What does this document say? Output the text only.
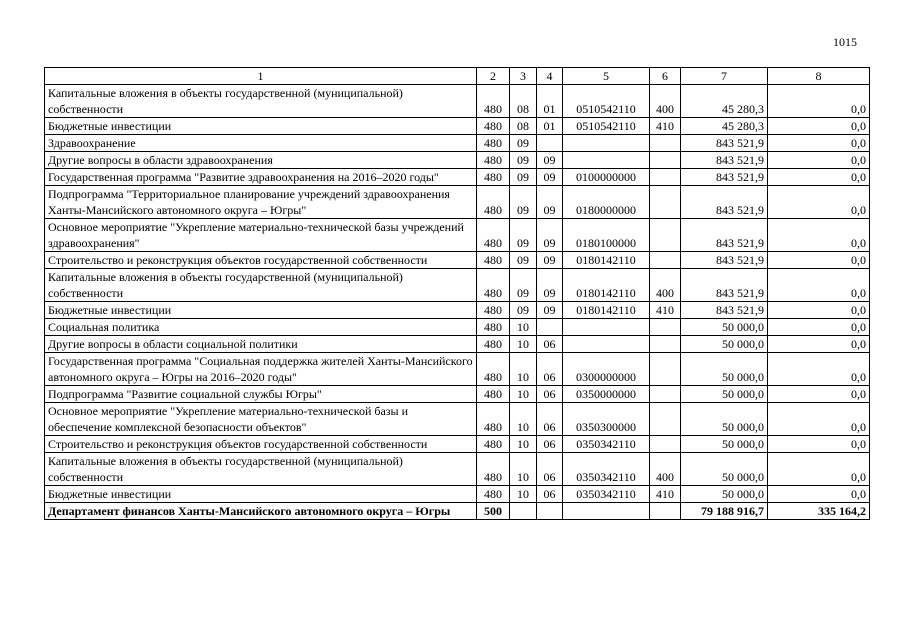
1015
1	2	3	4	5	6	7	8
Капитальные вложения в объекты государственной (муниципальной) собственности	480	08	01	0510542110	400	45 280,3	0,0
Бюджетные инвестиции	480	08	01	0510542110	410	45 280,3	0,0
Здравоохранение	480	09				843 521,9	0,0
Другие вопросы в области здравоохранения	480	09	09			843 521,9	0,0
Государственная программа "Развитие здравоохранения на 2016–2020 годы"	480	09	09	0100000000		843 521,9	0,0
Подпрограмма "Территориальное планирование учреждений здравоохранения Ханты-Мансийского автономного округа – Югры"	480	09	09	0180000000		843 521,9	0,0
Основное мероприятие "Укрепление материально-технической базы учреждений здравоохранения"	480	09	09	0180100000		843 521,9	0,0
Строительство и реконструкция объектов государственной собственности	480	09	09	0180142110		843 521,9	0,0
Капитальные вложения в объекты государственной (муниципальной) собственности	480	09	09	0180142110	400	843 521,9	0,0
Бюджетные инвестиции	480	09	09	0180142110	410	843 521,9	0,0
Социальная политика	480	10				50 000,0	0,0
Другие вопросы в области социальной политики	480	10	06			50 000,0	0,0
Государственная программа "Социальная поддержка жителей Ханты-Мансийского автономного округа – Югры на 2016–2020 годы"	480	10	06	0300000000		50 000,0	0,0
Подпрограмма "Развитие социальной службы Югры"	480	10	06	0350000000		50 000,0	0,0
Основное мероприятие "Укрепление материально-технической базы и обеспечение комплексной безопасности объектов"	480	10	06	0350300000		50 000,0	0,0
Строительство и реконструкция объектов государственной собственности	480	10	06	0350342110		50 000,0	0,0
Капитальные вложения в объекты государственной (муниципальной) собственности	480	10	06	0350342110	400	50 000,0	0,0
Бюджетные инвестиции	480	10	06	0350342110	410	50 000,0	0,0
Департамент финансов Ханты-Мансийского автономного округа – Югры	500					79 188 916,7	335 164,2
